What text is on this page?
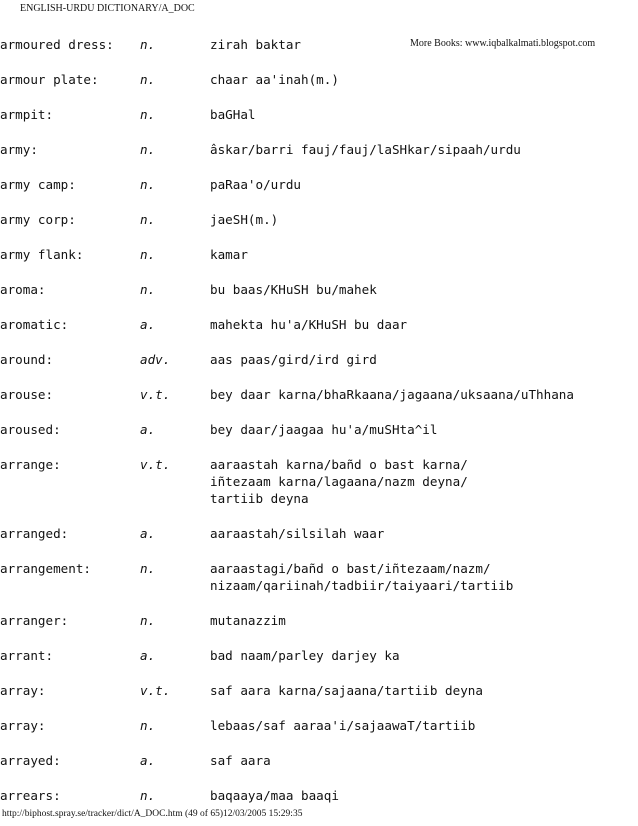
ENGLISH-URDU DICTIONARY/A_DOC
More Books: www.iqbalkalmati.blogspot.com
armoured dress:	n.	zirah baktar
armour plate:	n.	chaar aa'inah(m.)
armpit:	n.	baGHal
army:	n.	âskar/barri fauj/fauj/laSHkar/sipaah/urdu
army camp:	n.	paRaa'o/urdu
army corp:	n.	jaeSH(m.)
army flank:	n.	kamar
aroma:	n.	bu baas/KHuSH bu/mahek
aromatic:	a.	mahekta hu'a/KHuSH bu daar
around:	adv.	aas paas/gird/ird gird
arouse:	v.t.	bey daar karna/bhaRkaana/jagaana/uksaana/uThhana
aroused:	a.	bey daar/jaagaa hu'a/muSHta^il
arrange:	v.t.	aaraastah karna/bañd o bast karna/
iñtezaam karna/lagaana/nazm deyna/
tartiib deyna
arranged:	a.	aaraastah/silsilah waar
arrangement:	n.	aaraastagi/bañd o bast/iñtezaam/nazm/
nizaam/qariinah/tadbiir/taiyaari/tartiib
arranger:	n.	mutanazzim
arrant:	a.	bad naam/parley darjey ka
array:	v.t.	saf aara karna/sajaana/tartiib deyna
array:	n.	lebaas/saf aaraa'i/sajaawaT/tartiib
arrayed:	a.	saf aara
arrears:	n.	baqaaya/maa baaqi
http://biphost.spray.se/tracker/dict/A_DOC.htm (49 of 65)12/03/2005 15:29:35
